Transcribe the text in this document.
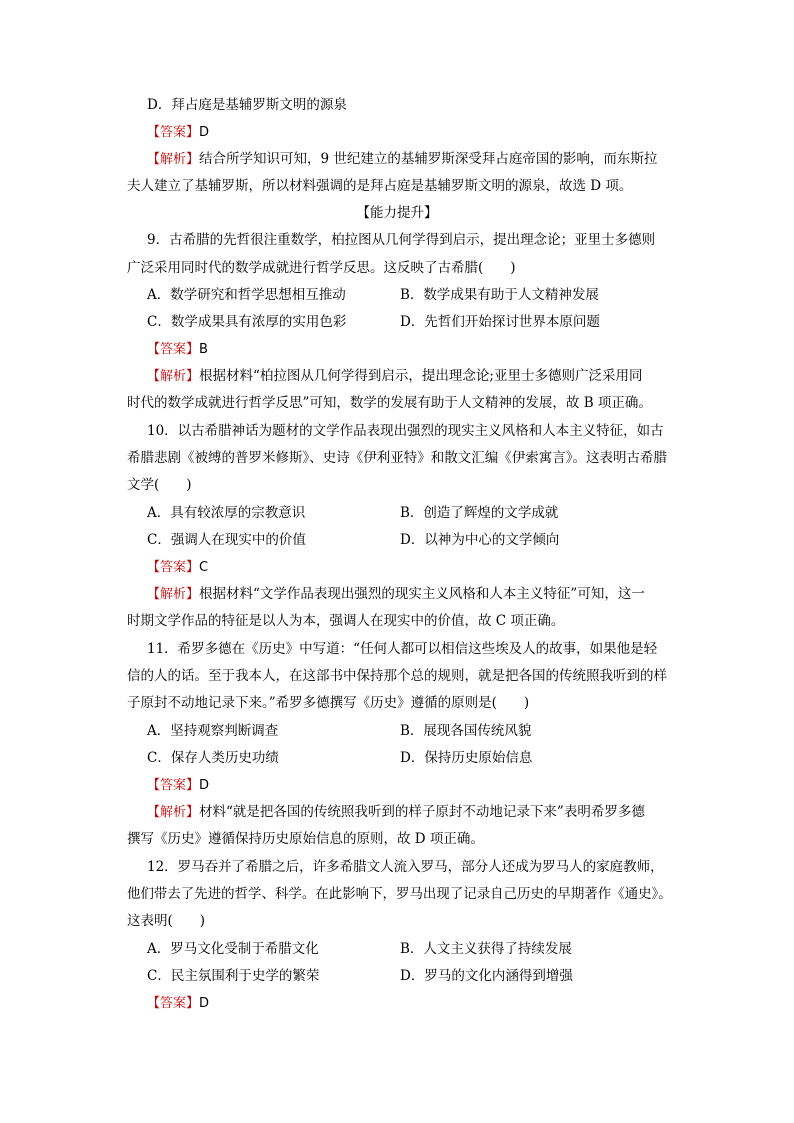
D．拜占庭是基辅罗斯文明的源泉
【答案】D
【解析】结合所学知识可知，9 世纪建立的基辅罗斯深受拜占庭帝国的影响，而东斯拉
夫人建立了基辅罗斯，所以材料强调的是拜占庭是基辅罗斯文明的源泉，故选 D 项。
【能力提升】
9．古希腊的先哲很注重数学，柏拉图从几何学得到启示，提出理念论；亚里士多德则
广泛采用同时代的数学成就进行哲学反思。这反映了古希腊(　　)
A．数学研究和哲学思想相互推动	B．数学成果有助于人文精神发展
C．数学成果具有浓厚的实用色彩	D．先哲们开始探讨世界本原问题
【答案】B
【解析】根据材料“柏拉图从几何学得到启示，提出理念论;亚里士多德则广泛采用同
时代的数学成就进行哲学反思”可知，数学的发展有助于人文精神的发展，故 B 项正确。
10．以古希腊神话为题材的文学作品表现出强烈的现实主义风格和人本主义特征，如古
希腊悲剧《被缚的普罗米修斯》、史诗《伊利亚特》和散文汇编《伊索寓言》。这表明古希腊
文学(　　)
A．具有较浓厚的宗教意识	B．创造了辉煌的文学成就
C．强调人在现实中的价值	D．以神为中心的文学倾向
【答案】C
【解析】根据材料“文学作品表现出强烈的现实主义风格和人本主义特征”可知，这一
时期文学作品的特征是以人为本，强调人在现实中的价值，故 C 项正确。
11．希罗多德在《历史》中写道：“任何人都可以相信这些埃及人的故事，如果他是轻
信的人的话。至于我本人，在这部书中保持那个总的规则，就是把各国的传统照我听到的样
子原封不动地记录下来。”希罗多德撰写《历史》遵循的原则是(　　)
A．坚持观察判断调查	B．展现各国传统风貌
C．保存人类历史功绩	D．保持历史原始信息
【答案】D
【解析】材料“就是把各国的传统照我听到的样子原封不动地记录下来”表明希罗多德
撰写《历史》遵循保持历史原始信息的原则，故 D 项正确。
12．罗马吞并了希腊之后，许多希腊文人流入罗马，部分人还成为罗马人的家庭教师，
他们带去了先进的哲学、科学。在此影响下，罗马出现了记录自己历史的早期著作《通史》。
这表明(　　)
A．罗马文化受制于希腊文化	B．人文主义获得了持续发展
C．民主氛围利于史学的繁荣	D．罗马的文化内涵得到增强
【答案】D
